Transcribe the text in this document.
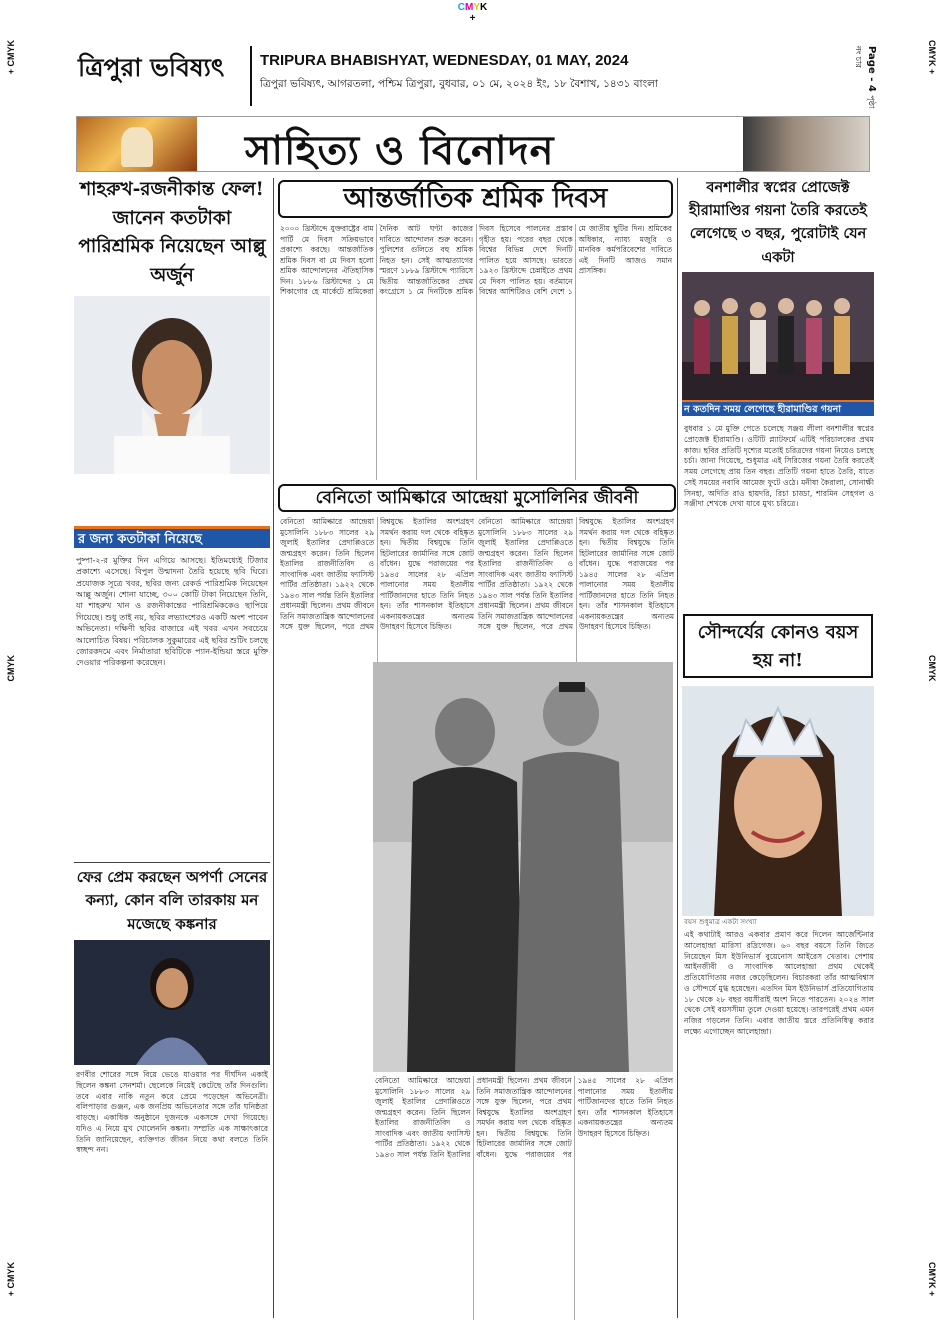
CMYK
+
+ CMYK	CMYK +
CMYK	CMYK
+ CMYK	CMYK +
ত্রিপুরা ভবিষ্যৎ TRIPURA BHABISHYAT, WEDNESDAY, 01 MAY, 2024
ত্রিপুরা ভবিষ্যৎ, আগরতলা, পশ্চিম ত্রিপুরা, বুধবার, ০১ মে, ২০২৪ ইং, ১৮ বৈশাখ, ১৪৩১ বাংলা	Page - 4 পৃষ্ঠা নং চার
সাহিত্য ও বিনোদন
শাহরুখ-রজনীকান্ত ফেল! জানেন কতটাকা পারিশ্রমিক নিয়েছেন আল্লু অর্জুন
র জন্য কতটাকা নিয়েছে
পুষ্পা-২-র মুক্তির দিন এগিয়ে আসছে। ইতিমধ্যেই টিজার প্রকাশ্যে এসেছে। বিপুল উন্মাদনা তৈরি হয়েছে ছবি ঘিরে। প্রযোজক সূত্রে খবর, ছবির জন্য রেকর্ড পারিশ্রমিক নিয়েছেন আল্লু অর্জুন। শোনা যাচ্ছে, ৩০০ কোটি টাকা নিয়েছেন তিনি, যা শাহরুখ খান ও রজনীকান্তের পারিশ্রমিককেও ছাপিয়ে গিয়েছে। শুধু তাই নয়, ছবির লভ্যাংশেরও একটি অংশ পাবেন অভিনেতা। দক্ষিণী ছবির বাজারে এই খবর এখন সবচেয়ে আলোচিত বিষয়। পরিচালক সুকুমারের এই ছবির শুটিং চলছে জোরকদমে এবং নির্মাতারা ছবিটিকে প্যান-ইন্ডিয়া স্তরে মুক্তি দেওয়ার পরিকল্পনা করেছেন।
ফের প্রেম করছেন অপর্ণা সেনের কন্যা, কোন বলি তারকায় মন মজেছে কঙ্কনার
রণবীর শোরের সঙ্গে বিয়ে ভেঙে যাওয়ার পর দীর্ঘদিন একাই ছিলেন কঙ্কনা সেনশর্মা। ছেলেকে নিয়েই কেটেছে তাঁর দিনগুলি। তবে এবার নাকি নতুন করে প্রেমে পড়েছেন অভিনেত্রী। বলিপাড়ার গুঞ্জন, এক জনপ্রিয় অভিনেতার সঙ্গে তাঁর ঘনিষ্ঠতা বাড়ছে। একাধিক অনুষ্ঠানে দুজনকে একসঙ্গে দেখা গিয়েছে। যদিও এ নিয়ে মুখ খোলেননি কঙ্কনা। সম্প্রতি এক সাক্ষাৎকারে তিনি জানিয়েছেন, ব্যক্তিগত জীবন নিয়ে কথা বলতে তিনি স্বচ্ছন্দ নন।
আন্তর্জাতিক শ্রমিক দিবস
২০০০ খ্রিস্টাব্দে যুক্তরাষ্ট্রের বাম পার্টি মে দিবস সক্রিয়ভাবে প্রকাশ্যে করছে। আন্তর্জাতিক শ্রমিক দিবস বা মে দিবস হলো শ্রমিক আন্দোলনের ঐতিহাসিক দিন। ১৮৮৬ খ্রিস্টাব্দের ১ মে শিকাগোর হে মার্কেটে শ্রমিকেরা দৈনিক আট ঘণ্টা কাজের দাবিতে আন্দোলন শুরু করেন। পুলিশের গুলিতে বহু শ্রমিক নিহত হন। সেই আত্মত্যাগের স্মরণে ১৮৮৯ খ্রিস্টাব্দে প্যারিসে দ্বিতীয় আন্তর্জাতিকের প্রথম কংগ্রেসে ১ মে দিনটিকে শ্রমিক দিবস হিসেবে পালনের প্রস্তাব গৃহীত হয়। পরের বছর থেকে বিশ্বের বিভিন্ন দেশে দিনটি পালিত হয়ে আসছে। ভারতে ১৯২৩ খ্রিস্টাব্দে চেন্নাইতে প্রথম মে দিবস পালিত হয়। বর্তমানে বিশ্বের আশিটিরও বেশি দেশে ১ মে জাতীয় ছুটির দিন। শ্রমিকের অধিকার, ন্যায্য মজুরি ও মানবিক কর্মপরিবেশের দাবিতে এই দিনটি আজও সমান প্রাসঙ্গিক।
বেনিতো আমিল্কারে আন্দ্রেয়া মুসোলিনির জীবনী
বেনিতো আমিল্কারে আন্দ্রেয়া মুসোলিনি ১৮৮৩ সালের ২৯ জুলাই ইতালির প্রেদাপ্পিওতে জন্মগ্রহণ করেন। তিনি ছিলেন ইতালির রাজনীতিবিদ ও সাংবাদিক এবং জাতীয় ফ্যাসিস্ট পার্টির প্রতিষ্ঠাতা। ১৯২২ থেকে ১৯৪৩ সাল পর্যন্ত তিনি ইতালির প্রধানমন্ত্রী ছিলেন। প্রথম জীবনে তিনি সমাজতান্ত্রিক আন্দোলনের সঙ্গে যুক্ত ছিলেন, পরে প্রথম বিশ্বযুদ্ধে ইতালির অংশগ্রহণ সমর্থন করায় দল থেকে বহিষ্কৃত হন। দ্বিতীয় বিশ্বযুদ্ধে তিনি হিটলারের জার্মানির সঙ্গে জোট বাঁধেন। যুদ্ধে পরাজয়ের পর ১৯৪৫ সালের ২৮ এপ্রিল পালানোর সময় ইতালীয় পার্টিজানদের হাতে তিনি নিহত হন। তাঁর শাসনকাল ইতিহাসে একনায়কতন্ত্রের অন্যতম উদাহরণ হিসেবে চিহ্নিত।
বেনিতো আমিল্কারে আন্দ্রেয়া মুসোলিনি ১৮৮৩ সালের ২৯ জুলাই ইতালির প্রেদাপ্পিওতে জন্মগ্রহণ করেন। তিনি ছিলেন ইতালির রাজনীতিবিদ ও সাংবাদিক এবং জাতীয় ফ্যাসিস্ট পার্টির প্রতিষ্ঠাতা। ১৯২২ থেকে ১৯৪৩ সাল পর্যন্ত তিনি ইতালির প্রধানমন্ত্রী ছিলেন। প্রথম জীবনে তিনি সমাজতান্ত্রিক আন্দোলনের সঙ্গে যুক্ত ছিলেন, পরে প্রথম বিশ্বযুদ্ধে ইতালির অংশগ্রহণ সমর্থন করায় দল থেকে বহিষ্কৃত হন। দ্বিতীয় বিশ্বযুদ্ধে তিনি হিটলারের জার্মানির সঙ্গে জোট বাঁধেন। যুদ্ধে পরাজয়ের পর ১৯৪৫ সালের ২৮ এপ্রিল পালানোর সময় ইতালীয় পার্টিজানদের হাতে তিনি নিহত হন। তাঁর শাসনকাল ইতিহাসে একনায়কতন্ত্রের অন্যতম উদাহরণ হিসেবে চিহ্নিত।
বেনিতো আমিল্কারে আন্দ্রেয়া মুসোলিনি ১৮৮৩ সালের ২৯ জুলাই ইতালির প্রেদাপ্পিওতে জন্মগ্রহণ করেন। তিনি ছিলেন ইতালির রাজনীতিবিদ ও সাংবাদিক এবং জাতীয় ফ্যাসিস্ট পার্টির প্রতিষ্ঠাতা। ১৯২২ থেকে ১৯৪৩ সাল পর্যন্ত তিনি ইতালির প্রধানমন্ত্রী ছিলেন। প্রথম জীবনে তিনি সমাজতান্ত্রিক আন্দোলনের সঙ্গে যুক্ত ছিলেন, পরে প্রথম বিশ্বযুদ্ধে ইতালির অংশগ্রহণ সমর্থন করায় দল থেকে বহিষ্কৃত হন। দ্বিতীয় বিশ্বযুদ্ধে তিনি হিটলারের জার্মানির সঙ্গে জোট বাঁধেন। যুদ্ধে পরাজয়ের পর ১৯৪৫ সালের ২৮ এপ্রিল পালানোর সময় ইতালীয় পার্টিজানদের হাতে তিনি নিহত হন। তাঁর শাসনকাল ইতিহাসে একনায়কতন্ত্রের অন্যতম উদাহরণ হিসেবে চিহ্নিত।
বনশালীর স্বপ্নের প্রোজেক্ট হীরামাণ্ডির গয়না তৈরি করতেই লেগেছে ৩ বছর, পুরোটাই যেন একটা
ন কতদিন সময় লেগেছে হীরামাণ্ডির গয়না
বুধবার ১ মে মুক্তি পেতে চলেছে সঞ্জয় লীলা বনশালীর স্বপ্নের প্রোজেক্ট হীরামাণ্ডি। ওটিটি প্ল্যাটফর্মে এটিই পরিচালকের প্রথম কাজ। ছবির প্রতিটি দৃশ্যের মতোই চরিত্রদের গয়না নিয়েও চলছে চর্চা। জানা গিয়েছে, শুধুমাত্র এই সিরিজের গয়না তৈরি করতেই সময় লেগেছে প্রায় তিন বছর। প্রতিটি গয়না হাতে তৈরি, যাতে সেই সময়ের নবাবি আমেজ ফুটে ওঠে। মনীষা কৈরালা, সোনাক্ষী সিনহা, অদিতি রাও হায়দরি, রিচা চাড্ডা, শারমিন সেহগল ও সঞ্জীদা শেখকে দেখা যাবে মুখ্য চরিত্রে।
সৌন্দর্যের কোনও বয়স হয় না!
বয়স শুধুমাত্র একটা সংখ্যা
এই কথাটাই আরও একবার প্রমাণ করে দিলেন আর্জেন্টিনার আলেহান্দ্রা মারিসা রদ্রিগেজ। ৬০ বছর বয়সে তিনি জিতে নিয়েছেন মিস ইউনিভার্স বুয়েনোস আইরেস খেতাব। পেশায় আইনজীবী ও সাংবাদিক আলেহান্দ্রা প্রথম থেকেই প্রতিযোগিতায় নজর কেড়েছিলেন। বিচারকরা তাঁর আত্মবিশ্বাস ও সৌন্দর্যে মুগ্ধ হয়েছেন। এতদিন মিস ইউনিভার্স প্রতিযোগিতায় ১৮ থেকে ২৮ বছর বয়সীরাই অংশ নিতে পারতেন। ২০২৪ সাল থেকে সেই বয়সসীমা তুলে দেওয়া হয়েছে। তারপরেই প্রথম এমন নজির গড়লেন তিনি। এবার জাতীয় স্তরে প্রতিনিধিত্ব করার লক্ষ্যে এগোচ্ছেন আলেহান্দ্রা।
